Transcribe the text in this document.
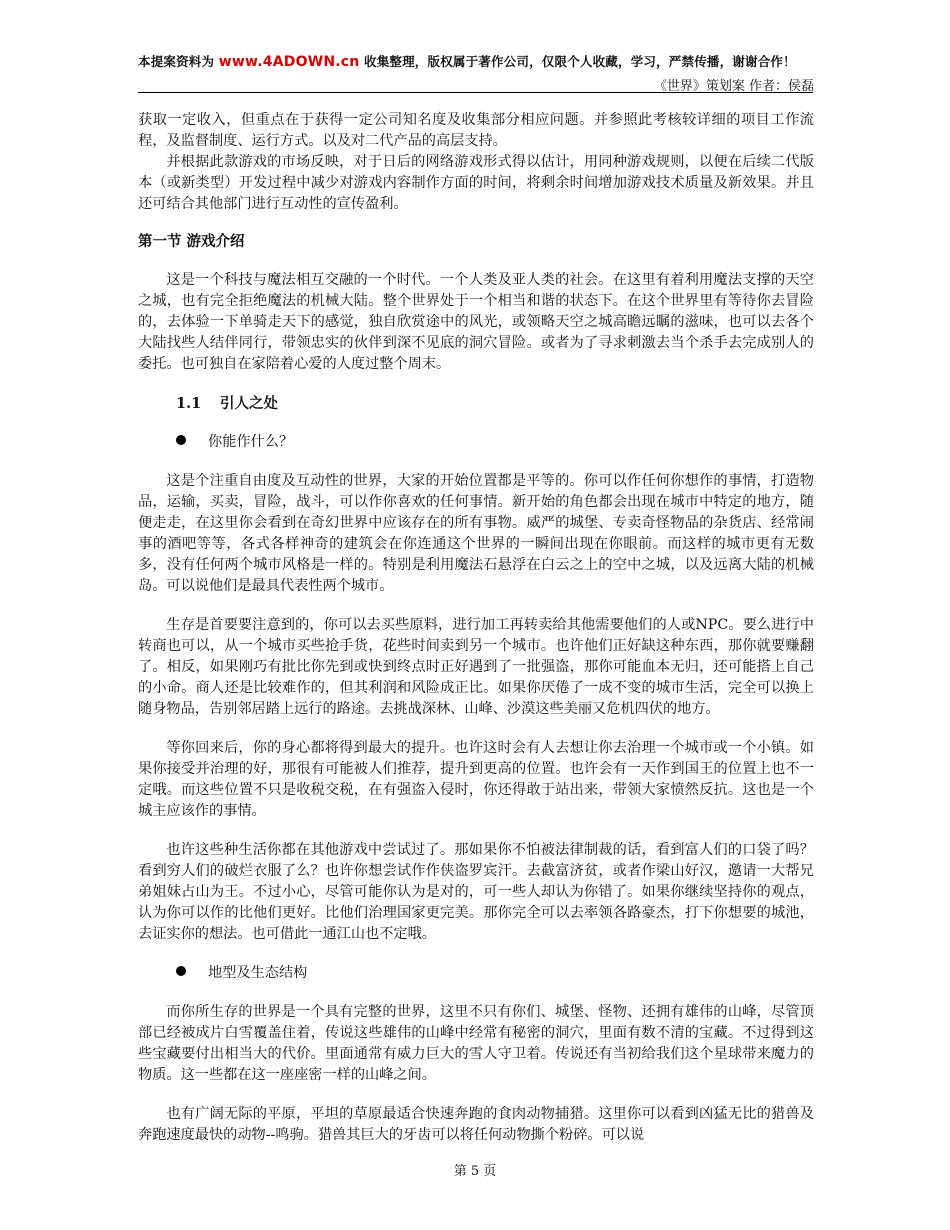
本提案资料为 www.4ADOWN.cn 收集整理，版权属于著作公司，仅限个人收藏，学习，严禁传播，谢谢合作！
《世界》策划案 作者：侯磊

获取一定收入，但重点在于获得一定公司知名度及收集部分相应问题。并参照此考核较详细的项目工作流程，及监督制度、运行方式。以及对二代产品的高层支持。

并根据此款游戏的市场反映，对于日后的网络游戏形式得以估计，用同种游戏规则，以便在后续二代版本（或新类型）开发过程中减少对游戏内容制作方面的时间，将剩余时间增加游戏技术质量及新效果。并且还可结合其他部门进行互动性的宣传盈利。

第一节 游戏介绍

这是一个科技与魔法相互交融的一个时代。一个人类及亚人类的社会。在这里有着利用魔法支撑的天空之城，也有完全拒绝魔法的机械大陆。整个世界处于一个相当和谐的状态下。在这个世界里有等待你去冒险的，去体验一下单骑走天下的感觉，独自欣赏途中的风光，或领略天空之城高瞻远瞩的滋味，也可以去各个大陆找些人结伴同行，带领忠实的伙伴到深不见底的洞穴冒险。或者为了寻求刺激去当个杀手去完成别人的委托。也可独自在家陪着心爱的人度过整个周末。

1.1 引人之处

你能作什么？

这是个注重自由度及互动性的世界，大家的开始位置都是平等的。你可以作任何你想作的事情，打造物品，运输，买卖，冒险，战斗，可以作你喜欢的任何事情。新开始的角色都会出现在城市中特定的地方，随便走走，在这里你会看到在奇幻世界中应该存在的所有事物。威严的城堡、专卖奇怪物品的杂货店、经常闹事的酒吧等等，各式各样神奇的建筑会在你连通这个世界的一瞬间出现在你眼前。而这样的城市更有无数多，没有任何两个城市风格是一样的。特别是利用魔法石悬浮在白云之上的空中之城，以及远离大陆的机械岛。可以说他们是最具代表性两个城市。

生存是首要要注意到的，你可以去买些原料，进行加工再转卖给其他需要他们的人或NPC。要么进行中转商也可以，从一个城市买些抢手货，花些时间卖到另一个城市。也许他们正好缺这种东西，那你就要赚翻了。相反，如果刚巧有批比你先到或快到终点时正好遇到了一批强盗，那你可能血本无归，还可能搭上自己的小命。商人还是比较难作的，但其利润和风险成正比。如果你厌倦了一成不变的城市生活，完全可以换上随身物品，告别邻居踏上远行的路途。去挑战深林、山峰、沙漠这些美丽又危机四伏的地方。

等你回来后，你的身心都将得到最大的提升。也许这时会有人去想让你去治理一个城市或一个小镇。如果你接受并治理的好，那很有可能被人们推荐，提升到更高的位置。也许会有一天作到国王的位置上也不一定哦。而这些位置不只是收税交税，在有强盗入侵时，你还得敢于站出来，带领大家愤然反抗。这也是一个城主应该作的事情。

也许这些种生活你都在其他游戏中尝试过了。那如果你不怕被法律制裁的话，看到富人们的口袋了吗？看到穷人们的破烂衣服了么？也许你想尝试作作侠盗罗宾汗。去截富济贫，或者作梁山好汉，邀请一大帮兄弟姐妹占山为王。不过小心，尽管可能你认为是对的，可一些人却认为你错了。如果你继续坚持你的观点，认为你可以作的比他们更好。比他们治理国家更完美。那你完全可以去率领各路豪杰，打下你想要的城池，去证实你的想法。也可借此一通江山也不定哦。

地型及生态结构

而你所生存的世界是一个具有完整的世界，这里不只有你们、城堡、怪物、还拥有雄伟的山峰，尽管顶部已经被成片白雪覆盖住着，传说这些雄伟的山峰中经常有秘密的洞穴，里面有数不清的宝藏。不过得到这些宝藏要付出相当大的代价。里面通常有威力巨大的雪人守卫着。传说还有当初给我们这个星球带来魔力的物质。这一些都在这一座座密一样的山峰之间。

也有广阔无际的平原，平坦的草原最适合快速奔跑的食肉动物捕猎。这里你可以看到凶猛无比的猎兽及奔跑速度最快的动物--鸣驹。猎兽其巨大的牙齿可以将任何动物撕个粉碎。可以说

第 5 页
